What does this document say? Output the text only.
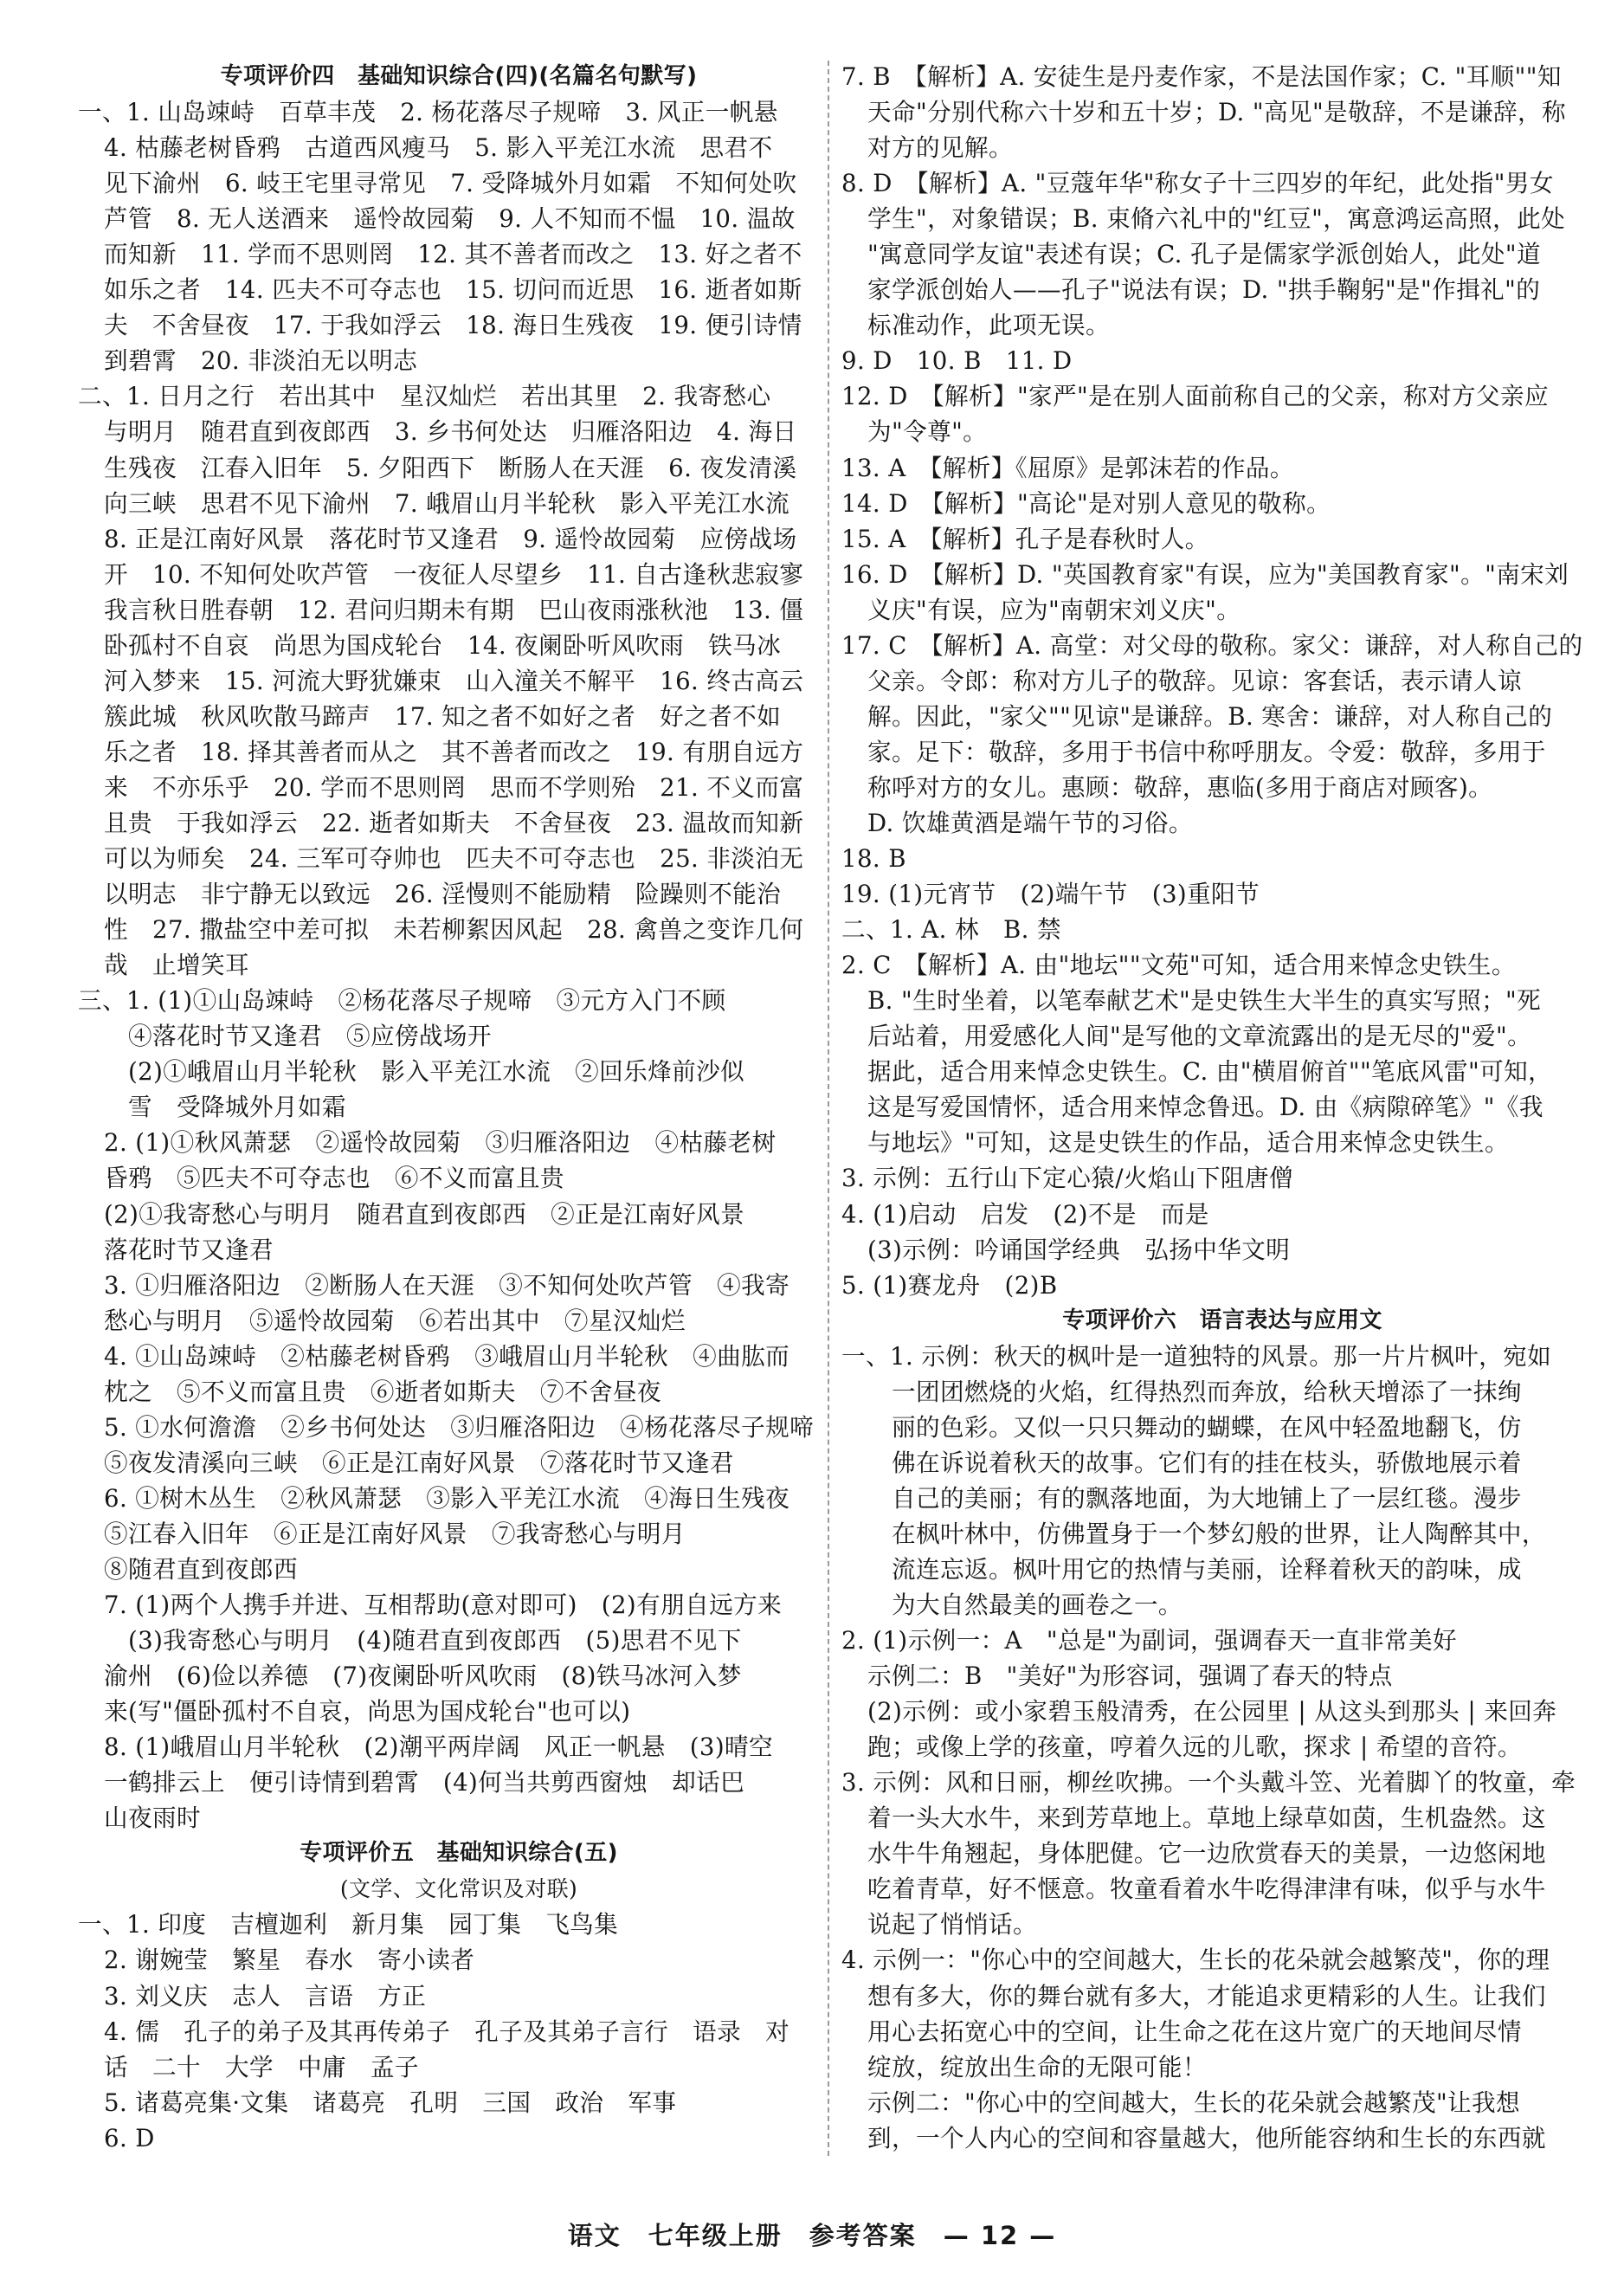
专项评价四　基础知识综合(四)(名篇名句默写)
一、1. 山岛竦峙　百草丰茂　2. 杨花落尽子规啼　3. 风正一帆悬
4. 枯藤老树昏鸦　古道西风瘦马　5. 影入平羌江水流　思君不
见下渝州　6. 岐王宅里寻常见　7. 受降城外月如霜　不知何处吹
芦管　8. 无人送酒来　遥怜故园菊　9. 人不知而不愠　10. 温故
而知新　11. 学而不思则罔　12. 其不善者而改之　13. 好之者不
如乐之者　14. 匹夫不可夺志也　15. 切问而近思　16. 逝者如斯
夫　不舍昼夜　17. 于我如浮云　18. 海日生残夜　19. 便引诗情
到碧霄　20. 非淡泊无以明志
二、1. 日月之行　若出其中　星汉灿烂　若出其里　2. 我寄愁心
与明月　随君直到夜郎西　3. 乡书何处达　归雁洛阳边　4. 海日
生残夜　江春入旧年　5. 夕阳西下　断肠人在天涯　6. 夜发清溪
向三峡　思君不见下渝州　7. 峨眉山月半轮秋　影入平羌江水流
8. 正是江南好风景　落花时节又逢君　9. 遥怜故园菊　应傍战场
开　10. 不知何处吹芦管　一夜征人尽望乡　11. 自古逢秋悲寂寥
我言秋日胜春朝　12. 君问归期未有期　巴山夜雨涨秋池　13. 僵
卧孤村不自哀　尚思为国戍轮台　14. 夜阑卧听风吹雨　铁马冰
河入梦来　15. 河流大野犹嫌束　山入潼关不解平　16. 终古高云
簇此城　秋风吹散马蹄声　17. 知之者不如好之者　好之者不如
乐之者　18. 择其善者而从之　其不善者而改之　19. 有朋自远方
来　不亦乐乎　20. 学而不思则罔　思而不学则殆　21. 不义而富
且贵　于我如浮云　22. 逝者如斯夫　不舍昼夜　23. 温故而知新
可以为师矣　24. 三军可夺帅也　匹夫不可夺志也　25. 非淡泊无
以明志　非宁静无以致远　26. 淫慢则不能励精　险躁则不能治
性　27. 撒盐空中差可拟　未若柳絮因风起　28. 禽兽之变诈几何
哉　止增笑耳
三、1. (1)①山岛竦峙　②杨花落尽子规啼　③元方入门不顾
④落花时节又逢君　⑤应傍战场开
(2)①峨眉山月半轮秋　影入平羌江水流　②回乐烽前沙似
雪　受降城外月如霜
2. (1)①秋风萧瑟　②遥怜故园菊　③归雁洛阳边　④枯藤老树
昏鸦　⑤匹夫不可夺志也　⑥不义而富且贵
(2)①我寄愁心与明月　随君直到夜郎西　②正是江南好风景
落花时节又逢君
3. ①归雁洛阳边　②断肠人在天涯　③不知何处吹芦管　④我寄
愁心与明月　⑤遥怜故园菊　⑥若出其中　⑦星汉灿烂
4. ①山岛竦峙　②枯藤老树昏鸦　③峨眉山月半轮秋　④曲肱而
枕之　⑤不义而富且贵　⑥逝者如斯夫　⑦不舍昼夜
5. ①水何澹澹　②乡书何处达　③归雁洛阳边　④杨花落尽子规啼
⑤夜发清溪向三峡　⑥正是江南好风景　⑦落花时节又逢君
6. ①树木丛生　②秋风萧瑟　③影入平羌江水流　④海日生残夜
⑤江春入旧年　⑥正是江南好风景　⑦我寄愁心与明月
⑧随君直到夜郎西
7. (1)两个人携手并进、互相帮助(意对即可)　(2)有朋自远方来
(3)我寄愁心与明月　(4)随君直到夜郎西　(5)思君不见下
渝州　(6)俭以养德　(7)夜阑卧听风吹雨　(8)铁马冰河入梦
来(写"僵卧孤村不自哀，尚思为国戍轮台"也可以)
8. (1)峨眉山月半轮秋　(2)潮平两岸阔　风正一帆悬　(3)晴空
一鹤排云上　便引诗情到碧霄　(4)何当共剪西窗烛　却话巴
山夜雨时
专项评价五　基础知识综合(五)
(文学、文化常识及对联)
一、1. 印度　吉檀迦利　新月集　园丁集　飞鸟集
2. 谢婉莹　繁星　春水　寄小读者
3. 刘义庆　志人　言语　方正
4. 儒　孔子的弟子及其再传弟子　孔子及其弟子言行　语录　对
话　二十　大学　中庸　孟子
5. 诸葛亮集·文集　诸葛亮　孔明　三国　政治　军事
6. D
7. B　【解析】A. 安徒生是丹麦作家，不是法国作家；C. "耳顺""知
天命"分别代称六十岁和五十岁；D. "高见"是敬辞，不是谦辞，称
对方的见解。
8. D　【解析】A. "豆蔻年华"称女子十三四岁的年纪，此处指"男女
学生"，对象错误；B. 束脩六礼中的"红豆"，寓意鸿运高照，此处
"寓意同学友谊"表述有误；C. 孔子是儒家学派创始人，此处"道
家学派创始人——孔子"说法有误；D. "拱手鞠躬"是"作揖礼"的
标准动作，此项无误。
9. D　10. B　11. D
12. D　【解析】"家严"是在别人面前称自己的父亲，称对方父亲应
为"令尊"。
13. A　【解析】《屈原》是郭沫若的作品。
14. D　【解析】"高论"是对别人意见的敬称。
15. A　【解析】孔子是春秋时人。
16. D　【解析】D. "英国教育家"有误，应为"美国教育家"。"南宋刘
义庆"有误，应为"南朝宋刘义庆"。
17. C　【解析】A. 高堂：对父母的敬称。家父：谦辞，对人称自己的
父亲。令郎：称对方儿子的敬辞。见谅：客套话，表示请人谅
解。因此，"家父""见谅"是谦辞。B. 寒舍：谦辞，对人称自己的
家。足下：敬辞，多用于书信中称呼朋友。令爱：敬辞，多用于
称呼对方的女儿。惠顾：敬辞，惠临(多用于商店对顾客)。
D. 饮雄黄酒是端午节的习俗。
18. B
19. (1)元宵节　(2)端午节　(3)重阳节
二、1. A. 林　B. 禁
2. C　【解析】A. 由"地坛""文苑"可知，适合用来悼念史铁生。
B. "生时坐着，以笔奉献艺术"是史铁生大半生的真实写照；"死
后站着，用爱感化人间"是写他的文章流露出的是无尽的"爱"。
据此，适合用来悼念史铁生。C. 由"横眉俯首""笔底风雷"可知，
这是写爱国情怀，适合用来悼念鲁迅。D. 由《病隙碎笔》"《我
与地坛》"可知，这是史铁生的作品，适合用来悼念史铁生。
3. 示例：五行山下定心猿/火焰山下阻唐僧
4. (1)启动　启发　(2)不是　而是
(3)示例：吟诵国学经典　弘扬中华文明
5. (1)赛龙舟　(2)B
专项评价六　语言表达与应用文
一、1. 示例：秋天的枫叶是一道独特的风景。那一片片枫叶，宛如
一团团燃烧的火焰，红得热烈而奔放，给秋天增添了一抹绚
丽的色彩。又似一只只舞动的蝴蝶，在风中轻盈地翻飞，仿
佛在诉说着秋天的故事。它们有的挂在枝头，骄傲地展示着
自己的美丽；有的飘落地面，为大地铺上了一层红毯。漫步
在枫叶林中，仿佛置身于一个梦幻般的世界，让人陶醉其中，
流连忘返。枫叶用它的热情与美丽，诠释着秋天的韵味，成
为大自然最美的画卷之一。
2. (1)示例一：A　"总是"为副词，强调春天一直非常美好
示例二：B　"美好"为形容词，强调了春天的特点
(2)示例：或小家碧玉般清秀，在公园里 | 从这头到那头 | 来回奔
跑；或像上学的孩童，哼着久远的儿歌，探求 | 希望的音符。
3. 示例：风和日丽，柳丝吹拂。一个头戴斗笠、光着脚丫的牧童，牵
着一头大水牛，来到芳草地上。草地上绿草如茵，生机盎然。这
水牛牛角翘起，身体肥健。它一边欣赏春天的美景，一边悠闲地
吃着青草，好不惬意。牧童看着水牛吃得津津有味，似乎与水牛
说起了悄悄话。
4. 示例一："你心中的空间越大，生长的花朵就会越繁茂"，你的理
想有多大，你的舞台就有多大，才能追求更精彩的人生。让我们
用心去拓宽心中的空间，让生命之花在这片宽广的天地间尽情
绽放，绽放出生命的无限可能！
示例二："你心中的空间越大，生长的花朵就会越繁茂"让我想
到，一个人内心的空间和容量越大，他所能容纳和生长的东西就
语文　七年级上册　参考答案　— 12 —
